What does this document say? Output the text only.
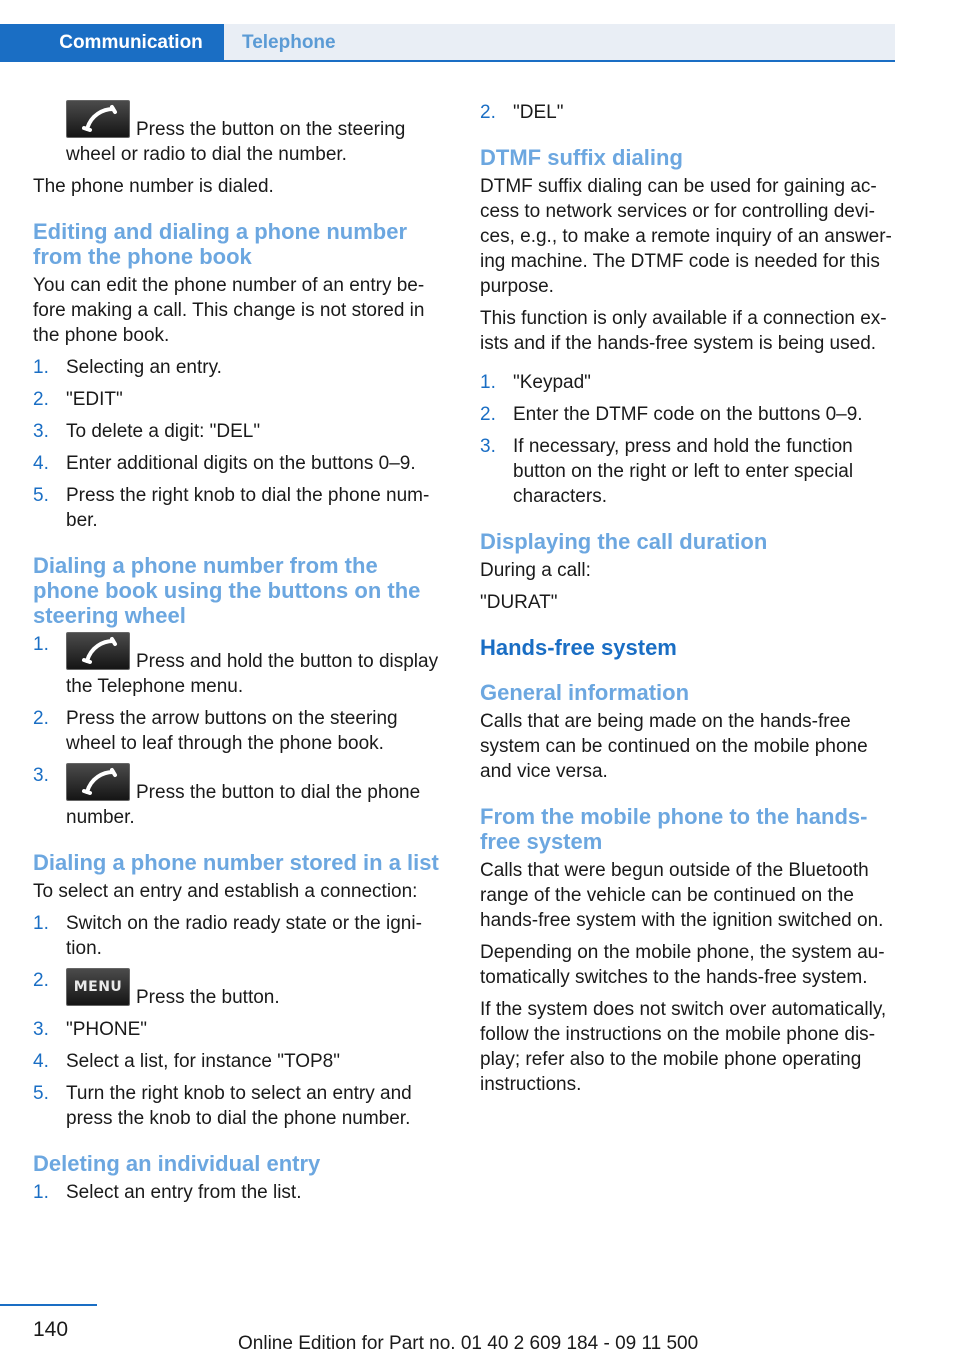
Communication	Telephone

Press the button on the steering wheel or radio to dial the number.

The phone number is dialed.

Editing and dialing a phone number from the phone book

You can edit the phone number of an entry before making a call. This change is not stored in the phone book.

1. Selecting an entry.
2. "EDIT"
3. To delete a digit: "DEL"
4. Enter additional digits on the buttons 0–9.
5. Press the right knob to dial the phone number.
Dialing a phone number from the phone book using the buttons on the steering wheel
1.
Press and hold the button to display the Telephone menu.
2. Press the arrow buttons on the steering wheel to leaf through the phone book.
3.
Press the button to dial the phone number.
Dialing a phone number stored in a list

To select an entry and establish a connection:

1. Switch on the radio ready state or the ignition.
2.	MENU
Press the button.
3. "PHONE"
4. Select a list, for instance "TOP8"
5. Turn the right knob to select an entry and press the knob to dial the phone number.
Deleting an individual entry
1. Select an entry from the list.
2. "DEL"
DTMF suffix dialing

DTMF suffix dialing can be used for gaining access to network services or for controlling devices, e.g., to make a remote inquiry of an answering machine. The DTMF code is needed for this purpose.

This function is only available if a connection exists and if the hands-free system is being used.

1. "Keypad"
2. Enter the DTMF code on the buttons 0–9.
3. If necessary, press and hold the function button on the right or left to enter special characters.
Displaying the call duration

During a call:

"DURAT"

Hands-free system
General information

Calls that are being made on the hands-free system can be continued on the mobile phone and vice versa.

From the mobile phone to the hands-free system

Calls that were begun outside of the Bluetooth range of the vehicle can be continued on the hands-free system with the ignition switched on.

Depending on the mobile phone, the system automatically switches to the hands-free system.

If the system does not switch over automatically, follow the instructions on the mobile phone display; refer also to the mobile phone operating instructions.

140
Online Edition for Part no. 01 40 2 609 184 - 09 11 500
